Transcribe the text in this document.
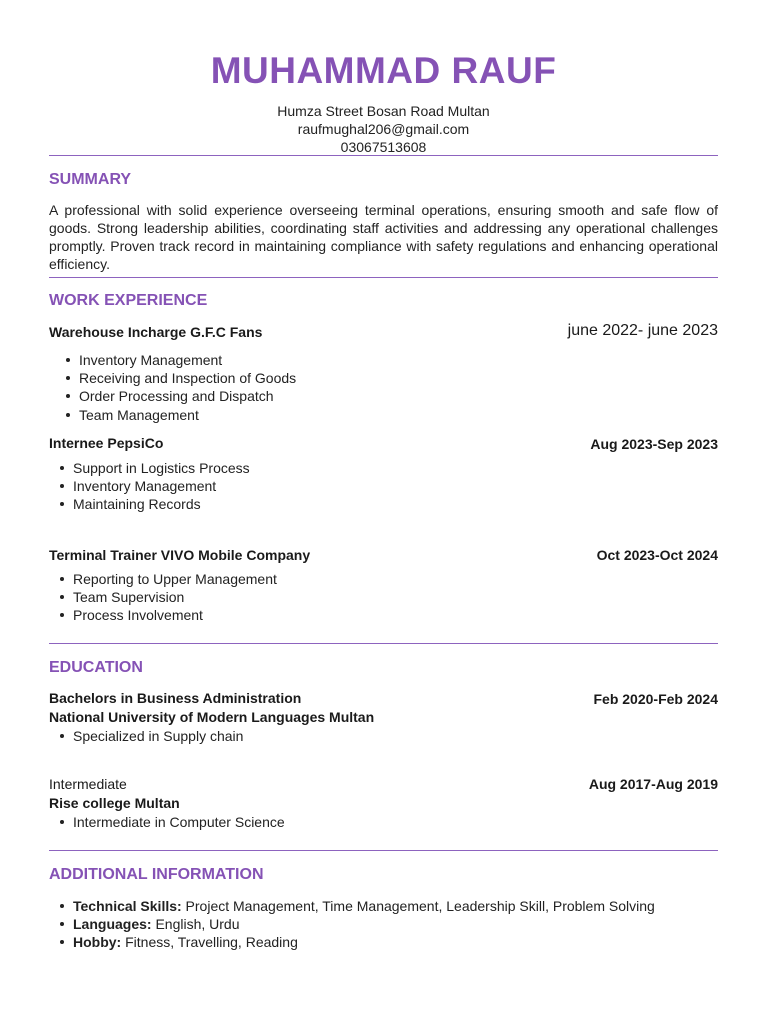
MUHAMMAD RAUF
Humza Street Bosan Road Multan
raufmughal206@gmail.com
03067513608
SUMMARY
A professional with solid experience overseeing terminal operations, ensuring smooth and safe flow of goods. Strong leadership abilities, coordinating staff activities and addressing any operational challenges promptly. Proven track record in maintaining compliance with safety regulations and enhancing operational efficiency.
WORK EXPERIENCE
Warehouse Incharge G.F.C Fans	june 2022- june 2023
Inventory Management
Receiving and Inspection of Goods
Order Processing and Dispatch
Team Management
Internee PepsiCo	Aug 2023-Sep 2023
Support in Logistics Process
Inventory Management
Maintaining Records
Terminal Trainer VIVO Mobile Company	Oct 2023-Oct 2024
Reporting to Upper Management
Team Supervision
Process Involvement
EDUCATION
Bachelors in Business Administration	Feb 2020-Feb 2024
National University of Modern Languages Multan
Specialized in Supply chain
Intermediate	Aug 2017-Aug 2019
Rise college Multan
Intermediate in Computer Science
ADDITIONAL INFORMATION
Technical Skills: Project Management, Time Management, Leadership Skill, Problem Solving
Languages: English, Urdu
Hobby: Fitness, Travelling, Reading
